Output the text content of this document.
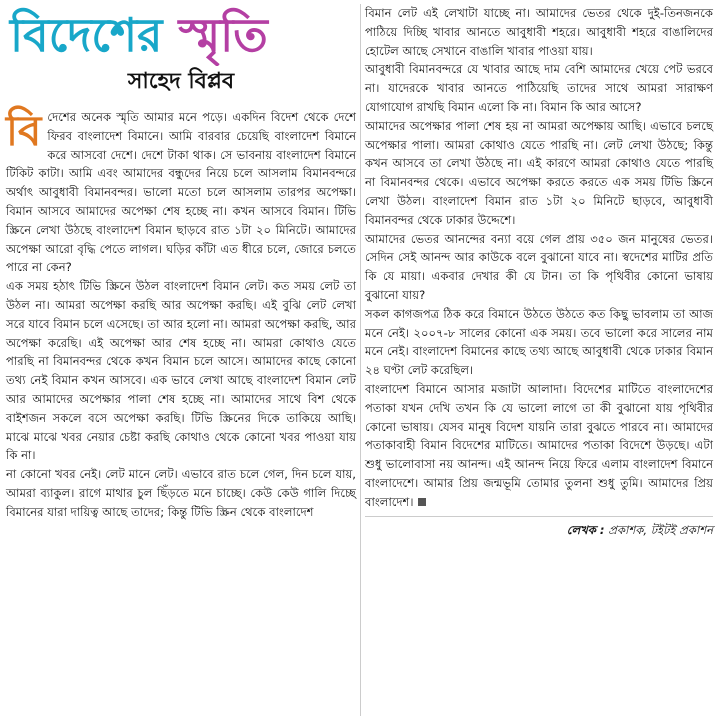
বিদেশের স্মৃতি
সাহেদ বিপ্লব

বিদেশের অনেক স্মৃতি আমার মনে পড়ে। একদিন বিদেশ থেকে দেশে ফিরব বাংলাদেশ বিমানে। আমি বারবার চেয়েছি বাংলাদেশ বিমানে করে আসবো দেশে। দেশে টাকা থাক। সে ভাবনায় বাংলাদেশ বিমানে টিকিট কাটা। আমি এবং আমাদের বন্ধুদের নিয়ে চলে আসলাম বিমানবন্দরে অর্থাৎ আবুধাবী বিমানবন্দর। ভালো মতো চলে আসলাম তারপর অপেক্ষা। বিমান আসবে আমাদের অপেক্ষা শেষ হচ্ছে না। কখন আসবে বিমান। টিভি স্ক্রিনে লেখা উঠছে বাংলাদেশ বিমান ছাড়বে রাত ১টা ২০ মিনিটে। আমাদের অপেক্ষা আরো বৃদ্ধি পেতে লাগল। ঘড়ির কাঁটা এত ধীরে চলে, জোরে চলতে পারে না কেন?

এক সময় হঠাৎ টিভি স্ক্রিনে উঠল বাংলাদেশ বিমান লেট। কত সময় লেট তা উঠল না। আমরা অপেক্ষা করছি আর অপেক্ষা করছি। এই বুঝি লেট লেখা সরে যাবে বিমান চলে এসেছে। তা আর হলো না। আমরা অপেক্ষা করছি, আর অপেক্ষা করেছি। এই অপেক্ষা আর শেষ হচ্ছে না। আমরা কোথাও যেতে পারছি না বিমানবন্দর থেকে কখন বিমান চলে আসে। আমাদের কাছে কোনো তথ্য নেই বিমান কখন আসবে। এক ভাবে লেখা আছে বাংলাদেশ বিমান লেট আর আমাদের অপেক্ষার পালা শেষ হচ্ছে না। আমাদের সাথে বিশ থেকে বাইশজন সকলে বসে অপেক্ষা করছি। টিভি স্ক্রিনের দিকে তাকিয়ে আছি। মাঝে মাঝে খবর নেয়ার চেষ্টা করছি কোথাও থেকে কোনো খবর পাওয়া যায় কি না।

না কোনো খবর নেই। লেট মানে লেট। এভাবে রাত চলে গেল, দিন চলে যায়, আমরা ব্যাকুল। রাগে মাথার চুল ছিঁড়তে মনে চাচ্ছে। কেউ কেউ গালি দিচ্ছে বিমানের যারা দায়িত্ব আছে তাদের; কিন্তু টিভি স্ক্রিন থেকে বাংলাদেশ

বিমান লেট এই লেখাটা যাচ্ছে না। আমাদের ভেতর থেকে দুই-তিনজনকে পাঠিয়ে দিচ্ছি খাবার আনতে আবুধাবী শহরে। আবুধাবী শহরে বাঙালিদের হোটেল আছে সেখানে বাঙালি খাবার পাওয়া যায়।

আবুধাবী বিমানবন্দরে যে খাবার আছে দাম বেশি আমাদের খেয়ে পেট ভরবে না। যাদেরকে খাবার আনতে পাঠিয়েছি তাদের সাথে আমরা সারাক্ষণ যোগাযোগ রাখছি বিমান এলো কি না। বিমান কি আর আসে?

আমাদের অপেক্ষার পালা শেষ হয় না আমরা অপেক্ষায় আছি। এভাবে চলছে অপেক্ষার পালা। আমরা কোথাও যেতে পারছি না। লেট লেখা উঠছে; কিন্তু কখন আসবে তা লেখা উঠছে না। এই কারণে আমরা কোথাও যেতে পারছি না বিমানবন্দর থেকে। এভাবে অপেক্ষা করতে করতে এক সময় টিভি স্ক্রিনে লেখা উঠল। বাংলাদেশ বিমান রাত ১টা ২০ মিনিটে ছাড়বে, আবুধাবী বিমানবন্দর থেকে ঢাকার উদ্দেশে।

আমাদের ভেতর আনন্দের বন্যা বয়ে গেল প্রায় ৩৫০ জন মানুষের ভেতর। সেদিন সেই আনন্দ আর কাউকে বলে বুঝানো যাবে না। স্বদেশের মাটির প্রতি কি যে মায়া। একবার দেখার কী যে টান। তা কি পৃথিবীর কোনো ভাষায় বুঝানো যায়?

সকল কাগজপত্র ঠিক করে বিমানে উঠতে উঠতে কত কিছু ভাবলাম তা আজ মনে নেই। ২০০৭-৮ সালের কোনো এক সময়। তবে ভালো করে সালের নাম মনে নেই। বাংলাদেশ বিমানের কাছে তথ্য আছে আবুধাবী থেকে ঢাকার বিমান ২৪ ঘণ্টা লেট করেছিল।

বাংলাদেশ বিমানে আসার মজাটা আলাদা। বিদেশের মাটিতে বাংলাদেশের পতাকা যখন দেখি তখন কি যে ভালো লাগে তা কী বুঝানো যায় পৃথিবীর কোনো ভাষায়। যেসব মানুষ বিদেশ যায়নি তারা বুঝতে পারবে না। আমাদের পতাকাবাহী বিমান বিদেশের মাটিতে। আমাদের পতাকা বিদেশে উড়ছে। এটা শুধু ভালোবাসা নয় আনন্দ। এই আনন্দ নিয়ে ফিরে এলাম বাংলাদেশ বিমানে বাংলাদেশে। আমার প্রিয় জন্মভূমি তোমার তুলনা শুধু তুমি। আমাদের প্রিয় বাংলাদেশ।

লেখক : প্রকাশক, টইটই প্রকাশন
